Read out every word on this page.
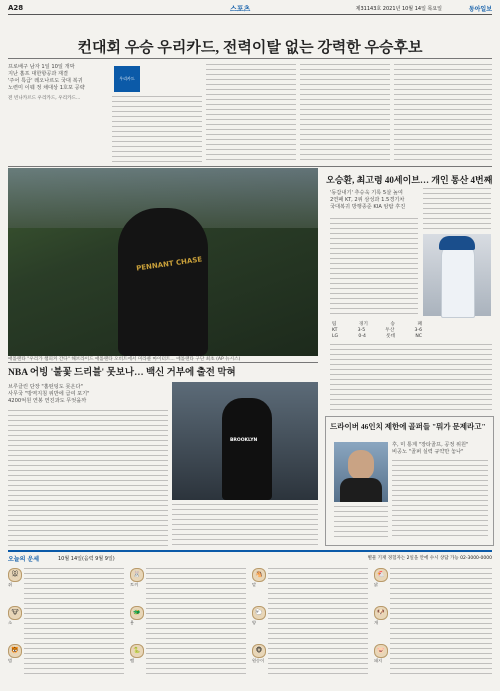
A28	스포츠	제31143호 2021년 10월 14일 목요일	동아일보
컨대회 우승 우리카드, 전력이탈 없는 강력한 우승후보
프로배구 남자 1일 10일 개막
지난 홈프 대한항공과 재결
'주어 특급' 레오나르도 국대 복귀
노련미 이웨 정 채대상 1호포 공략
전 빈나카르드 우리카드, 우리카드...
우리카드
PENNANT CHASE
애틀랜타 "우리가 챔피커 간다" 해브라이드 애틀랜타 오비트에서 미라클 마이터트... 애틀랜타 구단 최초 (AP 뉴시스)
오승환, 최고령 40세이브… 개인 통산 4번째
'동갑내기' 추승욱 기록 5살 높여
2연패 KT, 2위 삼성과 1.5경기차
국대복귀 방행종준 KIA 암탑 후진
팀	경기	승	패
KT	3-5	두산	3-6
LG	0-4	롯데	NC
NBA 어빙 '불꽃 드리블' 못보나… 백신 거부에 출전 막혀
브루클린 단장 "홈떤팅도 못온다"
사무국 "방역지침 위반에 급여 포기"
4200억원 연봉 연진과도 무엇을까
BROOKLYN
드라이버 46인치 제한에 골퍼들 "뭐가 문제라고"
후, 미 통계 "장타골프, 공정 위원"
비공노 "골퍼 실력 규약만 놓나"
오늘의 운세	10월 14일(음력 9월 9일)	별물 기재 경험자는 2일을 안에 수시 상담 가능 02-3000-0000
🐭
쥐
🐮
소
🐯
범
🐰
토끼
🐲
용
🐍
뱀
🐴
말
🐑
양
🐵
원숭이
🐔
닭
🐶
개
🐷
돼지
